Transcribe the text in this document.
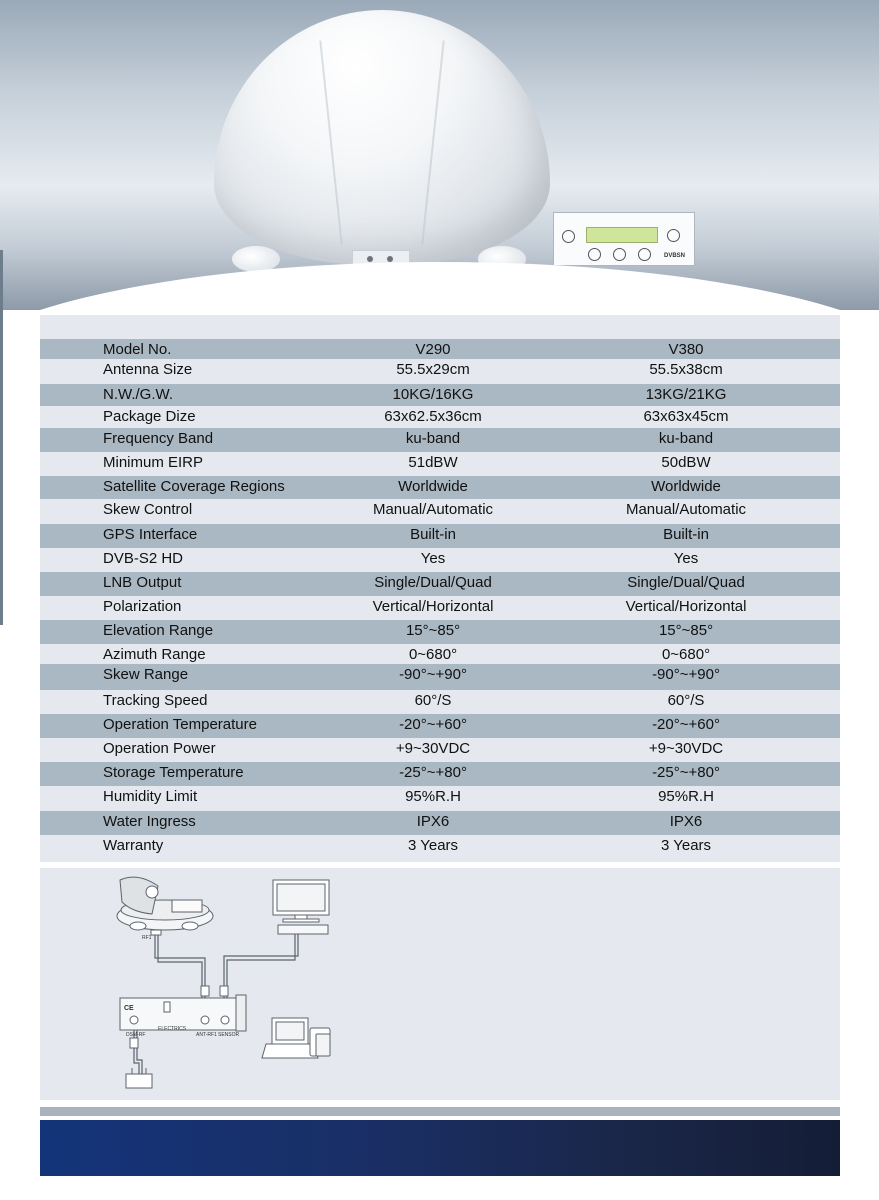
DVBSN
Model No.	V290	V380
Antenna Size	55.5x29cm	55.5x38cm
N.W./G.W.	10KG/16KG	13KG/21KG
Package Dize	63x62.5x36cm	63x63x45cm
Frequency Band	ku-band	ku-band
Minimum EIRP	51dBW	50dBW
Satellite Coverage Regions	Worldwide	Worldwide
Skew Control	Manual/Automatic	Manual/Automatic
GPS Interface	Built-in	Built-in
DVB-S2 HD	Yes	Yes
LNB Output	Single/Dual/Quad	Single/Dual/Quad
Polarization	Vertical/Horizontal	Vertical/Horizontal
Elevation Range	15°~85°	15°~85°
Azimuth Range	0~680°	0~680°
Skew Range	-90°~+90°	-90°~+90°
Tracking Speed	60°/S	60°/S
Operation Temperature	-20°~+60°	-20°~+60°
Operation Power	+9~30VDC	+9~30VDC
Storage Temperature	-25°~+80°	-25°~+80°
Humidity Limit	95%R.H	95%R.H
Water Ingress	IPX6	IPX6
Warranty	3 Years	3 Years
RF1
CE
DSM-RF
ELECTRICS
ANT-RF1 SENSOR
